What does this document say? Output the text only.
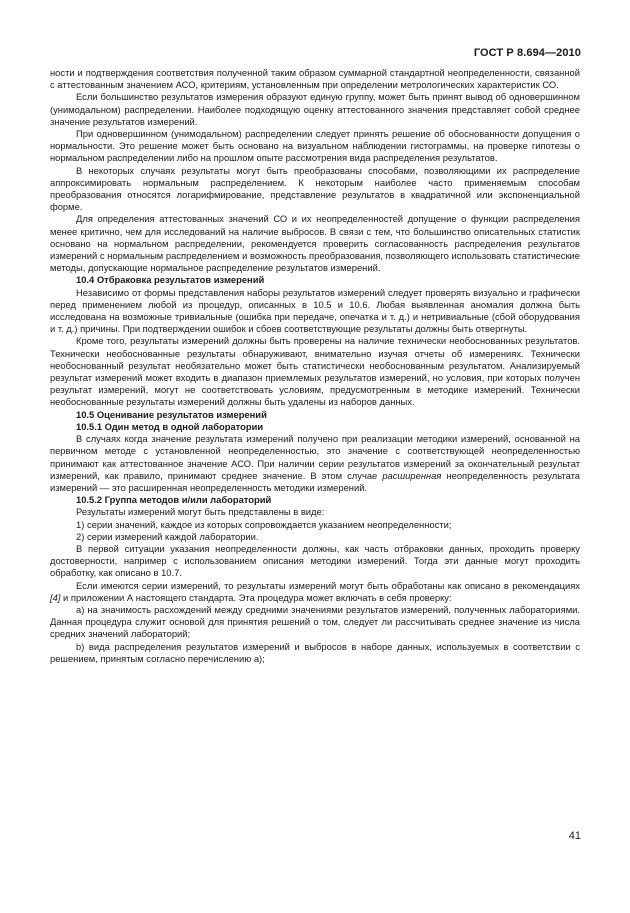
ГОСТ Р 8.694—2010

ности и подтверждения соответствия полученной таким образом суммарной стандартной неопределенности, связанной с аттестованным значением АСО, критериям, установленным при определении метрологических характеристик СО.

Если большинство результатов измерения образуют единую группу, может быть принят вывод об одновершинном (унимодальном) распределении. Наиболее подходящую оценку аттестованного значения представляет собой среднее значение результатов измерений.

При одновершинном (унимодальном) распределении следует принять решение об обоснованности допущения о нормальности. Это решение может быть основано на визуальном наблюдении гистограммы, на проверке гипотезы о нормальном распределении либо на прошлом опыте рассмотрения вида распределения результатов.

В некоторых случаях результаты могут быть преобразованы способами, позволяющими их распределение аппроксимировать нормальным распределением. К некоторым наиболее часто применяемым способам преобразования относятся логарифмирование, представление результатов в квадратичной или экспоненциальной форме.

Для определения аттестованных значений СО и их неопределенностей допущение о функции распределения менее критично, чем для исследований на наличие выбросов. В связи с тем, что большинство описательных статистик основано на нормальном распределении, рекомендуется проверить согласованность распределения результатов измерений с нормальным распределением и возможность преобразования, позволяющего использовать статистические методы, допускающие нормальное распределение результатов измерений.

10.4 Отбраковка результатов измерений

Независимо от формы представления наборы результатов измерений следует проверять визуально и графически перед применением любой из процедур, описанных в 10.5 и 10.6. Любая выявленная аномалия должна быть исследована на возможные тривиальные (ошибка при передаче, опечатка и т. д.) и нетривиальные (сбой оборудования и т. д.) причины. При подтверждении ошибок и сбоев соответствующие результаты должны быть отвергнуты.

Кроме того, результаты измерений должны быть проверены на наличие технически необоснованных результатов. Технически необоснованные результаты обнаруживают, внимательно изучая отчеты об измерениях. Технически необоснованный результат необязательно может быть статистически необоснованным результатом. Анализируемый результат измерений может входить в диапазон приемлемых результатов измерений, но условия, при которых получен результат измерений, могут не соответствовать условиям, предусмотренным в методике измерений. Технически необоснованные результаты измерений должны быть удалены из наборов данных.

10.5 Оценивание результатов измерений

10.5.1 Один метод в одной лаборатории

В случаях когда значение результата измерений получено при реализации методики измерений, основанной на первичном методе с установленной неопределенностью, это значение с соответствующей неопределенностью принимают как аттестованное значение АСО. При наличии серии результатов измерений за окончательный результат измерений, как правило, принимают среднее значение. В этом случае расширенная неопределенность результата измерений — это расширенная неопределенность методики измерений.

10.5.2 Группа методов и/или лабораторий

Результаты измерений могут быть представлены в виде:

1) серии значений, каждое из которых сопровождается указанием неопределенности;

2) серии измерений каждой лаборатории.

В первой ситуации указания неопределенности должны, как часть отбраковки данных, проходить проверку достоверности, например с использованием описания методики измерений. Тогда эти данные могут проходить обработку, как описано в 10.7.

Если имеются серии измерений, то результаты измерений могут быть обработаны как описано в рекомендациях [4] и приложении А настоящего стандарта. Эта процедура может включать в себя проверку:

а) на значимость расхождений между средними значениями результатов измерений, полученных лабораториями. Данная процедура служит основой для принятия решений о том, следует ли рассчитывать среднее значение из числа средних значений лабораторий;

b) вида распределения результатов измерений и выбросов в наборе данных, используемых в соответствии с решением, принятым согласно перечислению а);

41
